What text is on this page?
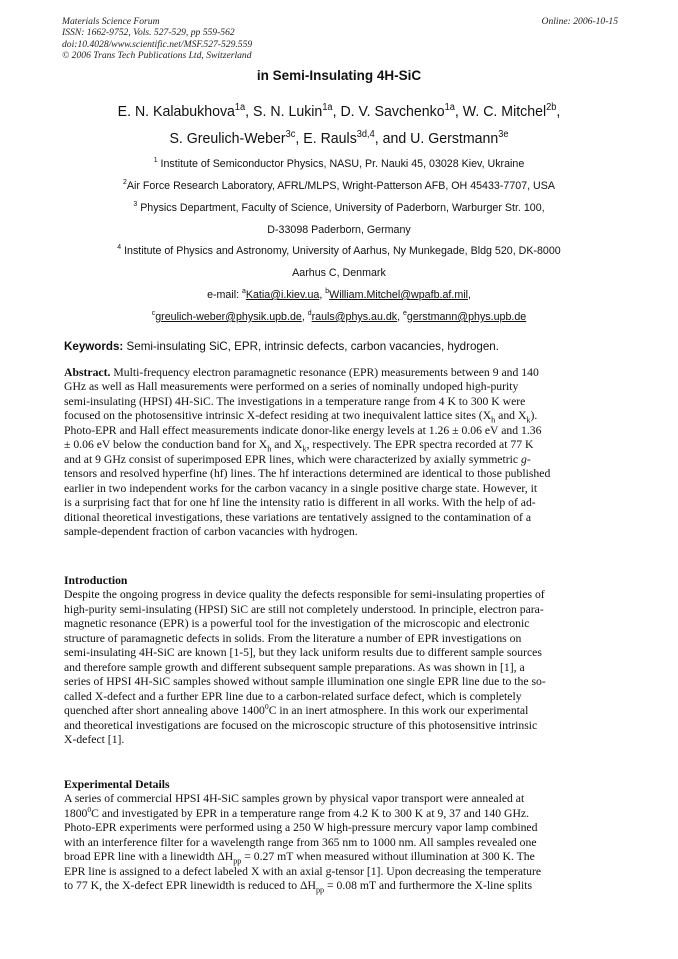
Materials Science Forum
ISSN: 1662-9752, Vols. 527-529, pp 559-562
doi:10.4028/www.scientific.net/MSF.527-529.559
© 2006 Trans Tech Publications Ltd, Switzerland
Online: 2006-10-15
in Semi-Insulating 4H-SiC
E. N. Kalabukhova$^{1a}$, S. N. Lukin$^{1a}$, D. V. Savchenko$^{1a}$, W. C. Mitchel$^{2b}$,
S. Greulich-Weber$^{3c}$, E. Rauls$^{3d,4}$, and U. Gerstmann$^{3e}$
$^1$ Institute of Semiconductor Physics, NASU, Pr. Nauki 45, 03028 Kiev, Ukraine
$^2$Air Force Research Laboratory, AFRL/MLPS, Wright-Patterson AFB, OH 45433-7707, USA
$^3$ Physics Department, Faculty of Science, University of Paderborn, Warburger Str. 100,
D-33098 Paderborn, Germany
$^4$ Institute of Physics and Astronomy, University of Aarhus, Ny Munkegade, Bldg 520, DK-8000
Aarhus C, Denmark
e-mail: $^a$Katia@i.kiev.ua, $^b$William.Mitchel@wpafb.af.mil,
$^c$greulich-weber@physik.upb.de, $^d$rauls@phys.au.dk, $^e$gerstmann@phys.upb.de
Keywords: Semi-insulating SiC, EPR, intrinsic defects, carbon vacancies, hydrogen.
Abstract. Multi-frequency electron paramagnetic resonance (EPR) measurements between 9 and 140
GHz as well as Hall measurements were performed on a series of nominally undoped high-purity
semi-insulating (HPSI) 4H-SiC. The investigations in a temperature range from 4 K to 300 K were
focused on the photosensitive intrinsic X-defect residing at two inequivalent lattice sites ($X_h$ and $X_k$).
Photo-EPR and Hall effect measurements indicate donor-like energy levels at 1.26 ± 0.06 eV and 1.36
± 0.06 eV below the conduction band for $X_h$ and $X_k$, respectively. The EPR spectra recorded at 77 K
and at 9 GHz consist of superimposed EPR lines, which were characterized by axially symmetric g-
tensors and resolved hyperfine (hf) lines. The hf interactions determined are identical to those published
earlier in two independent works for the carbon vacancy in a single positive charge state. However, it
is a surprising fact that for one hf line the intensity ratio is different in all works. With the help of ad-
ditional theoretical investigations, these variations are tentatively assigned to the contamination of a
sample-dependent fraction of carbon vacancies with hydrogen.
Introduction
Despite the ongoing progress in device quality the defects responsible for semi-insulating properties of
high-purity semi-insulating (HPSI) SiC are still not completely understood. In principle, electron para-
magnetic resonance (EPR) is a powerful tool for the investigation of the microscopic and electronic
structure of paramagnetic defects in solids. From the literature a number of EPR investigations on
semi-insulating 4H-SiC are known [1-5], but they lack uniform results due to different sample sources
and therefore sample growth and different subsequent sample preparations. As was shown in [1], a
series of HPSI 4H-SiC samples showed without sample illumination one single EPR line due to the so-
called X-defect and a further EPR line due to a carbon-related surface defect, which is completely
quenched after short annealing above 1400$^0$C in an inert atmosphere. In this work our experimental
and theoretical investigations are focused on the microscopic structure of this photosensitive intrinsic
X-defect [1].
Experimental Details
A series of commercial HPSI 4H-SiC samples grown by physical vapor transport were annealed at
1800$^0$C and investigated by EPR in a temperature range from 4.2 K to 300 K at 9, 37 and 140 GHz.
Photo-EPR experiments were performed using a 250 W high-pressure mercury vapor lamp combined
with an interference filter for a wavelength range from 365 nm to 1000 nm. All samples revealed one
broad EPR line with a linewidth $\Delta H_{pp} = 0.27$ mT when measured without illumination at 300 K. The
EPR line is assigned to a defect labeled X with an axial g-tensor [1]. Upon decreasing the temperature
to 77 K, the X-defect EPR linewidth is reduced to $\Delta H_{pp} = 0.08$ mT and furthermore the X-line splits
